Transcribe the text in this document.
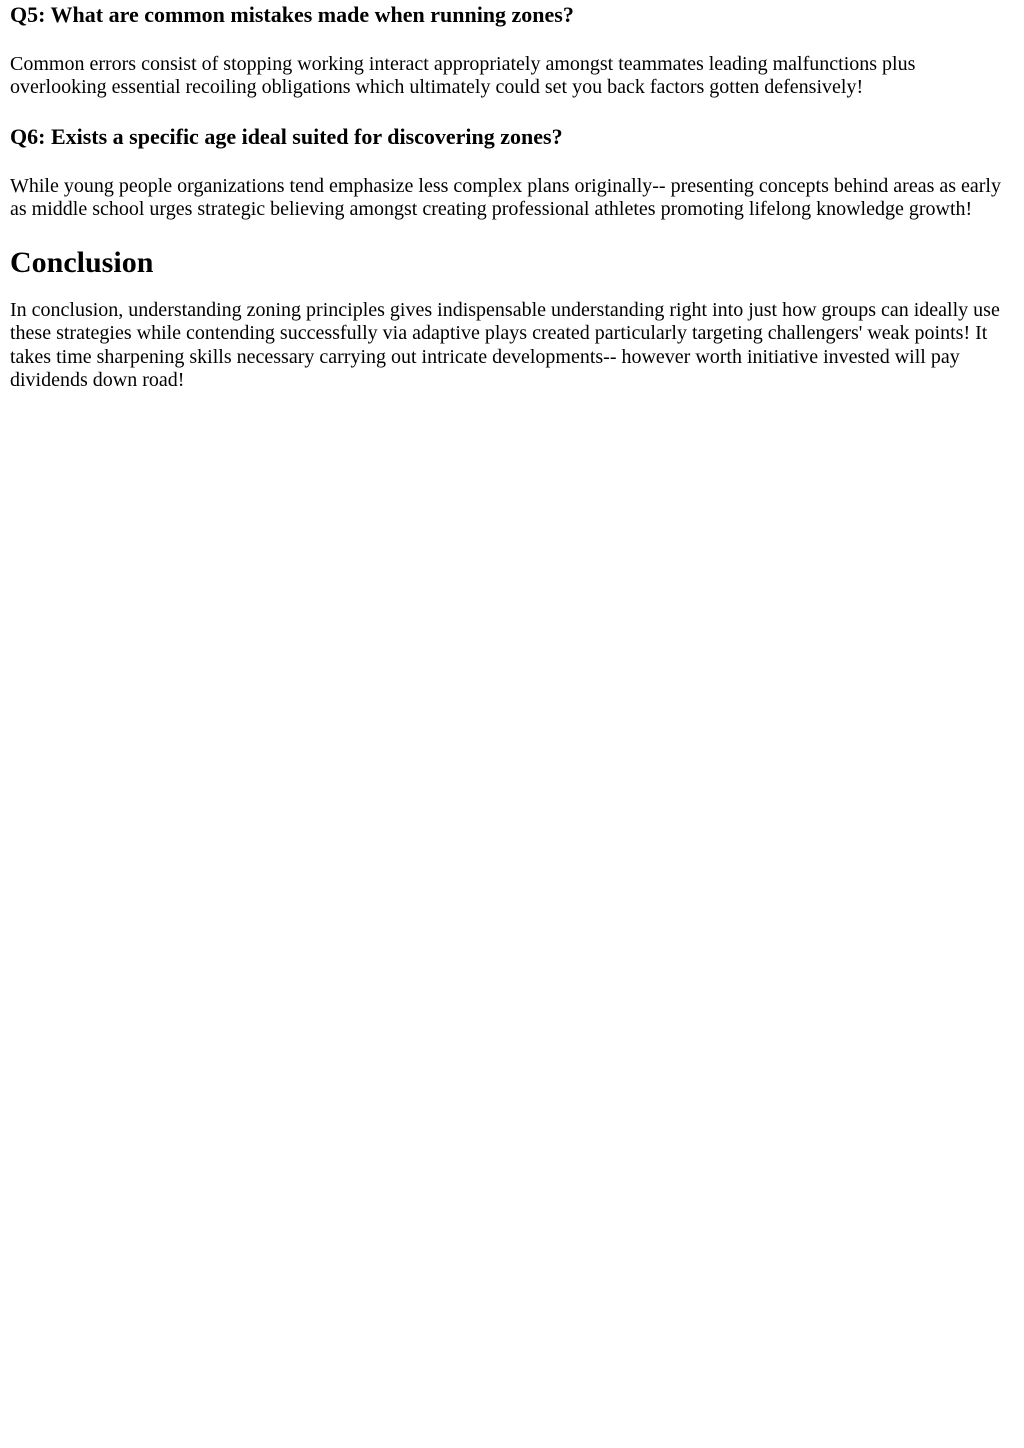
Q5: What are common mistakes made when running zones?

Common errors consist of stopping working interact appropriately amongst teammates leading malfunctions plus overlooking essential recoiling obligations which ultimately could set you back factors gotten defensively!

Q6: Exists a specific age ideal suited for discovering zones?

While young people organizations tend emphasize less complex plans originally-- presenting concepts behind areas as early as middle school urges strategic believing amongst creating professional athletes promoting lifelong knowledge growth!

Conclusion

In conclusion, understanding zoning principles gives indispensable understanding right into just how groups can ideally use these strategies while contending successfully via adaptive plays created particularly targeting challengers' weak points! It takes time sharpening skills necessary carrying out intricate developments-- however worth initiative invested will pay dividends down road!
